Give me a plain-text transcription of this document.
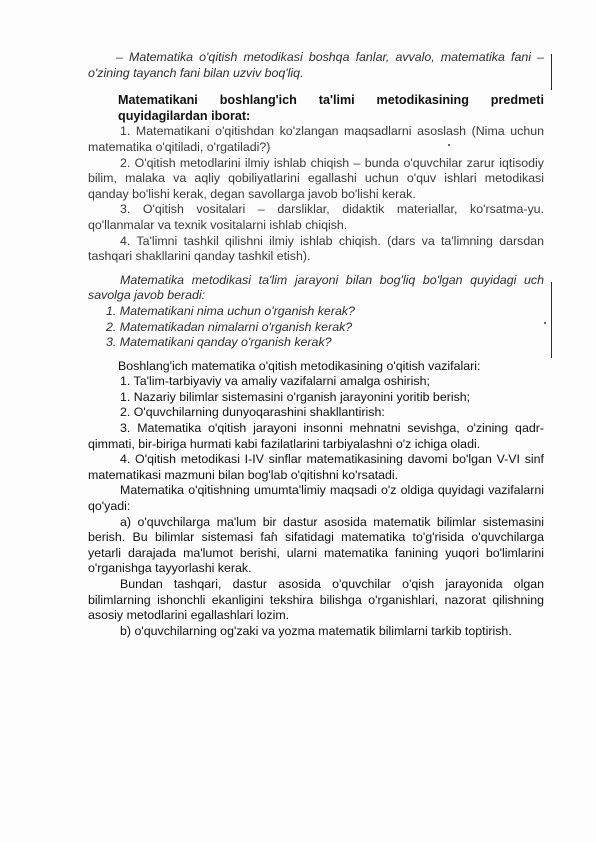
– Matematika o'qitish metodikasi boshqa fanlar, avvalo, matematika fani – o'zining tayanch fani bilan uzviv boq'liq.

Matematikani boshlang'ich ta'limi metodikasining predmeti quyidagilardan iborat:

1. Matematikani o'qitishdan ko'zlangan maqsadlarni asoslash (Nima uchun matematika o'qitiladi, o'rgatiladi?)

2. O'qitish metodlarini ilmiy ishlab chiqish – bunda o'quvchilar zarur iqtisodiy bilim, malaka va aqliy qobiliyatlarini egallashi uchun o'quv ishlari metodikasi qanday bo'lishi kerak, degan savollarga javob bo'lishi kerak.

3. O'qitish vositalari – darsliklar, didaktik materiallar, ko'rsatma-yu. qo'llanmalar va texnik vositalarni ishlab chiqish.

4. Ta'limni tashkil qilishni ilmiy ishlab chiqish. (dars va ta'limning darsdan tashqari shakllarini qanday tashkil etish).

Matematika metodikasi ta'lim jarayoni bilan bog'liq bo'lgan quyidagi uch savolga javob beradi:

1. Matematikani nima uchun o'rganish kerak?

2. Matematikadan nimalarni o'rganish kerak?

3. Matematikani qanday o'rganish kerak?

Boshlang'ich matematika o'qitish metodikasining o'qitish vazifalari:

1. Ta'lim-tarbiyaviy va amaliy vazifalarni amalga oshirish;

1. Nazariy bilimlar sistemasini o'rganish jarayonini yoritib berish;

2. O'quvchilarning dunyoqarashini shakllantirish:

3. Matematika o'qitish jarayoni insonni mehnatni sevishga, o'zining qadr-qimmati, bir-biriga hurmati kabi fazilatlarini tarbiyalashni o'z ichiga oladi.

4. O'qitish metodikasi I-IV sinflar matematikasining davomi bo'lgan V-VI sinf matematikasi mazmuni bilan bog'lab o'qitishni ko'rsatadi.

Matematika o'qitishning umumta'limiy maqsadi o'z oldiga quyidagi vazifalarni qo'yadi:

a) o'quvchilarga ma'lum bir dastur asosida matematik bilimlar sistemasini berish. Bu bilimlar sistemasi fan sifatidagi matematika to'g'risida o'quvchilarga yetarli darajada ma'lumot berishi, ularni matematika fanining yuqori bo'limlarini o'rganishga tayyorlashi kerak.

Bundan tashqari, dastur asosida o'quvchilar o'qish jarayonida olgan bilimlarning ishonchli ekanligini tekshira bilishga o'rganishlari, nazorat qilishning asosiy metodlarini egallashlari lozim.

b) o'quvchilarning og'zaki va yozma matematik bilimlarni tarkib toptirish.
